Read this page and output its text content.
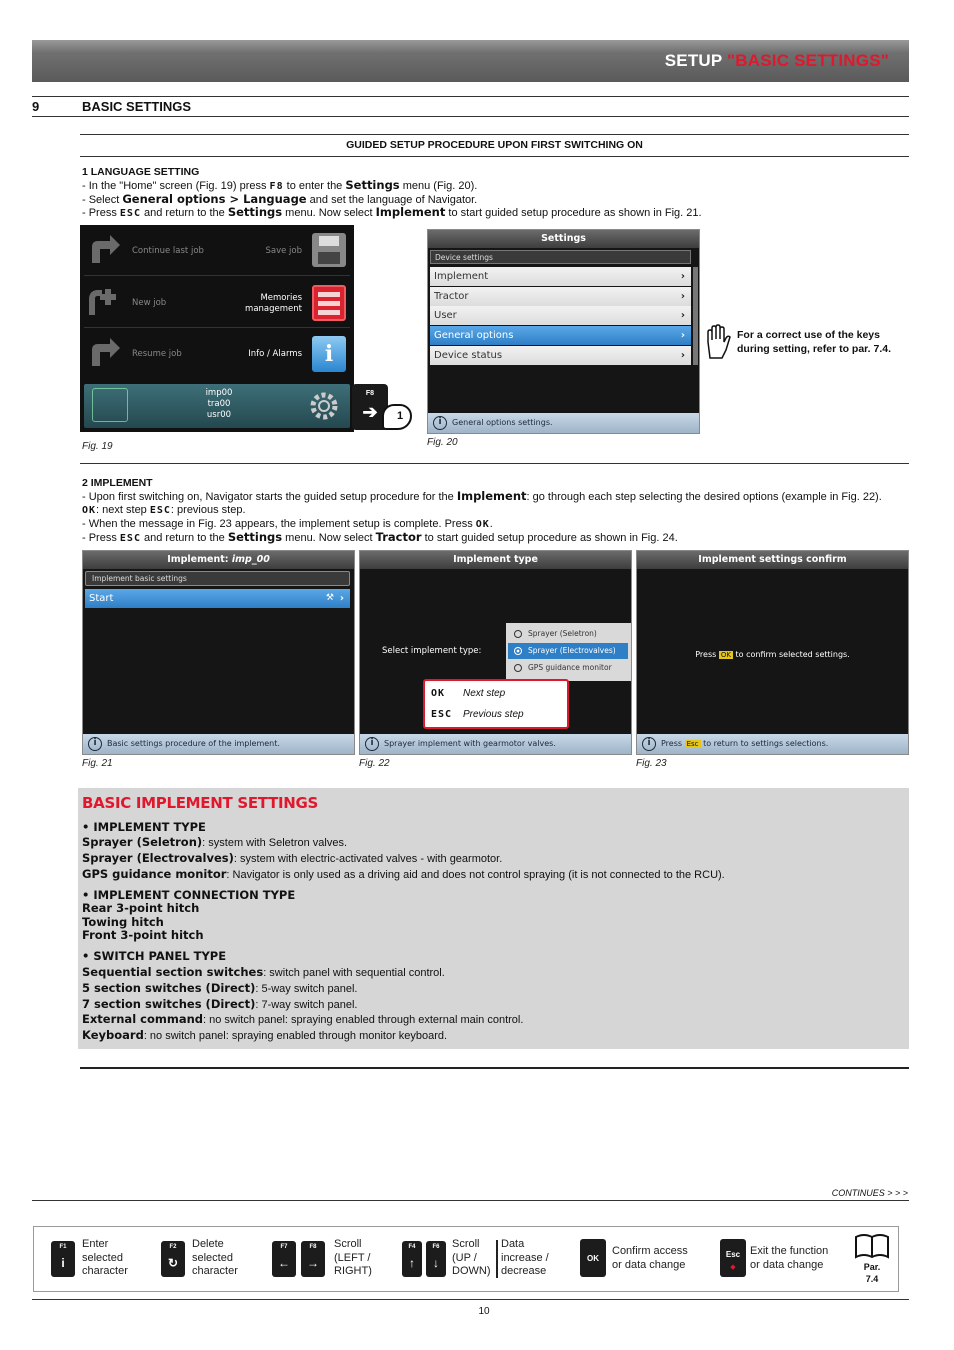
SETUP "BASIC SETTINGS"
9	BASIC SETTINGS
GUIDED SETUP PROCEDURE UPON FIRST SWITCHING ON
1 LANGUAGE SETTING
- In the "Home" screen (Fig. 19) press F8 to enter the Settings menu (Fig. 20).
- Select General options > Language and set the language of Navigator.
- Press ESC and return to the Settings menu. Now select Implement to start guided setup procedure as shown in Fig. 21.
Continue last job	Save job
New job	Memories management
Resume job	Info / Alarms	i
imp00
tra00
usr00
F8
➔	1
Fig. 19
Settings
Device settings
Implement	›
Tractor	›
User	›
General options	›
Device status	›
i	General options settings.
Fig. 20
For a correct use of the keys during setting, refer to par. 7.4.
2 IMPLEMENT
- Upon first switching on, Navigator starts the guided setup procedure for the Implement: go through each step selecting the desired options (example in Fig. 22).
OK: next step ESC: previous step.
- When the message in Fig. 23 appears, the implement setup is complete. Press OK.
- Press ESC and return to the Settings menu. Now select Tractor to start guided setup procedure as shown in Fig. 24.
Implement: imp_00
Implement basic settings
Start	›
⚒
i	Basic settings procedure of the implement.
Fig. 21
Implement type
Select implement type:
Sprayer (Seletron)
Sprayer (Electrovalves)
GPS guidance monitor
OK Next step
ESC Previous step
i	Sprayer implement with gearmotor valves.
Fig. 22
Implement settings confirm
Press OK to confirm selected settings.
i	Press Esc to return to settings selections.
Fig. 23
BASIC IMPLEMENT SETTINGS
• IMPLEMENT TYPE
Sprayer (Seletron): system with Seletron valves.
Sprayer (Electrovalves): system with electric-activated valves - with gearmotor.
GPS guidance monitor: Navigator is only used as a driving aid and does not control spraying (it is not connected to the RCU).
• IMPLEMENT CONNECTION TYPE
Rear 3-point hitch
Towing hitch
Front 3-point hitch
• SWITCH PANEL TYPE
Sequential section switches: switch panel with sequential control.
5 section switches (Direct): 5-way switch panel.
7 section switches (Direct): 7-way switch panel.
External command: no switch panel: spraying enabled through external main control.
Keyboard: no switch panel: spraying enabled through monitor keyboard.
CONTINUES > > >
F1
i
Enter
selected
character
F2
↻
Delete
selected
character
F7
←
F8
→
Scroll
(LEFT /
RIGHT)
F4
↑
F6
↓
Scroll
(UP /
DOWN)
Data
increase /
decrease
OK
Confirm access
or data change
Esc
◆
Exit the function
or data change	Par.
7.4
10
